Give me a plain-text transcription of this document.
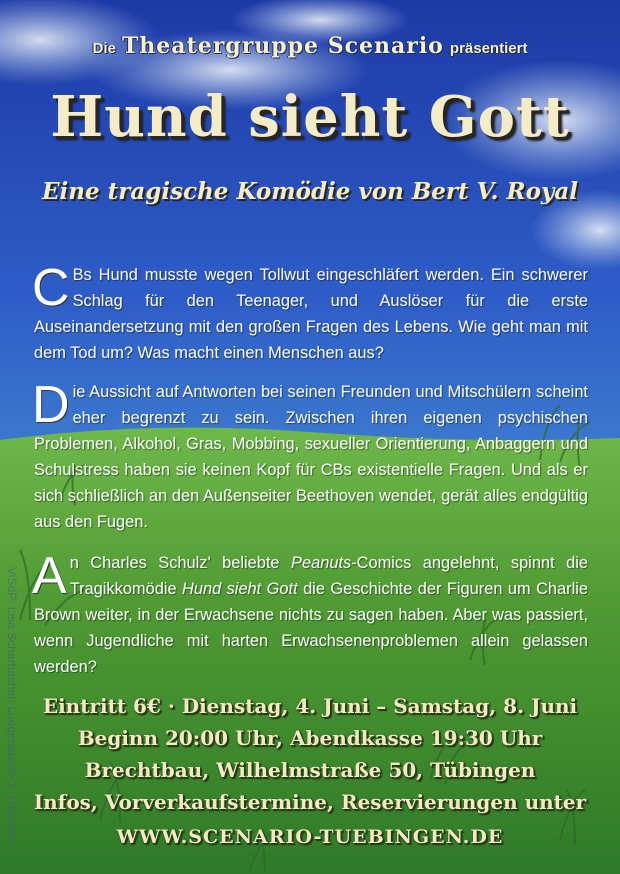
Die Theatergruppe Scenario präsentiert
Hund sieht Gott
Eine tragische Komödie von Bert V. Royal
C Bs Hund musste wegen Tollwut eingeschläfert werden. Ein schwerer Schlag für den Teenager, und Auslöser für die erste Auseinandersetzung mit den großen Fragen des Lebens. Wie geht man mit dem Tod um? Was macht einen Menschen aus?
Die Aussicht auf Antworten bei seinen Freunden und Mitschülern scheint eher begrenzt zu sein. Zwischen ihren eigenen psychischen Problemen, Alkohol, Gras, Mobbing, sexueller Orientierung, Anbaggern und Schulstress haben sie keinen Kopf für CBs existentielle Fragen. Und als er sich schließlich an den Außenseiter Beethoven wendet, gerät alles endgültig aus den Fugen.
An Charles Schulz' beliebte Peanuts-Comics angelehnt, spinnt die Tragikkomödie Hund sieht Gott die Geschichte der Figuren um Charlie Brown weiter, in der Erwachsene nichts zu sagen haben. Aber was passiert, wenn Jugendliche mit harten Erwachsenenproblemen allein gelassen werden?
Eintritt 6€ · Dienstag, 4. Juni – Samstag, 8. Juni
Beginn 20:00 Uhr, Abendkasse 19:30 Uhr
Brechtbau, Wilhelmstraße 50, Tübingen
Infos, Vorverkaufstermine, Reservierungen unter
WWW.SCENARIO-TUEBINGEN.DE
ViSdP: Lisa Scharbacher, Ludgerstraße 3, Tübingen
